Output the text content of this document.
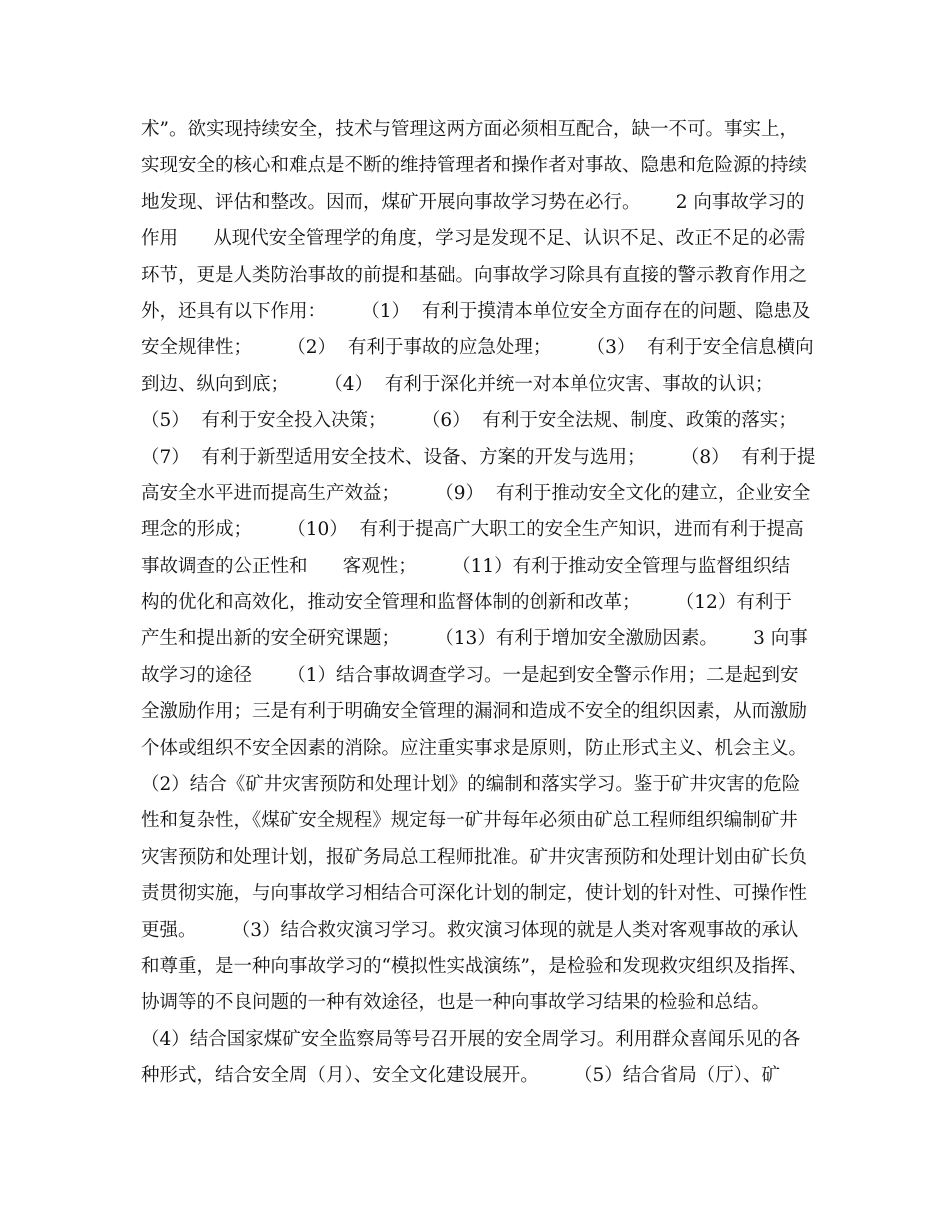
术”。欲实现持续安全，技术与管理这两方面必须相互配合，缺一不可。事实上，
实现安全的核心和难点是不断的维持管理者和操作者对事故、隐患和危险源的持续
地发现、评估和整改。因而，煤矿开展向事故学习势在必行。      2 向事故学习的
作用      从现代安全管理学的角度，学习是发现不足、认识不足、改正不足的必需
环节，更是人类防治事故的前提和基础。向事故学习除具有直接的警示教育作用之
外，还具有以下作用：      （1）  有利于摸清本单位安全方面存在的问题、隐患及
安全规律性；      （2）  有利于事故的应急处理；      （3）  有利于安全信息横向
到边、纵向到底；      （4）  有利于深化并统一对本单位灾害、事故的认识；
（5）  有利于安全投入决策；      （6）  有利于安全法规、制度、政策的落实；
（7）  有利于新型适用安全技术、设备、方案的开发与选用；      （8）  有利于提
高安全水平进而提高生产效益；      （9）  有利于推动安全文化的建立，企业安全
理念的形成；      （10）  有利于提高广大职工的安全生产知识，进而有利于提高
事故调查的公正性和      客观性；      （11）有利于推动安全管理与监督组织结
构的优化和高效化，推动安全管理和监督体制的创新和改革；      （12）有利于
产生和提出新的安全研究课题；      （13）有利于增加安全激励因素。      3 向事
故学习的途径      （1）结合事故调查学习。一是起到安全警示作用；二是起到安
全激励作用；三是有利于明确安全管理的漏洞和造成不安全的组织因素，从而激励
个体或组织不安全因素的消除。应注重实事求是原则，防止形式主义、机会主义。
（2）结合《矿井灾害预防和处理计划》的编制和落实学习。鉴于矿井灾害的危险
性和复杂性，《煤矿安全规程》规定每一矿井每年必须由矿总工程师组织编制矿井
灾害预防和处理计划，报矿务局总工程师批准。矿井灾害预防和处理计划由矿长负
责贯彻实施，与向事故学习相结合可深化计划的制定，使计划的针对性、可操作性
更强。      （3）结合救灾演习学习。救灾演习体现的就是人类对客观事故的承认
和尊重，是一种向事故学习的“模拟性实战演练”，是检验和发现救灾组织及指挥、
协调等的不良问题的一种有效途径，也是一种向事故学习结果的检验和总结。
（4）结合国家煤矿安全监察局等号召开展的安全周学习。利用群众喜闻乐见的各
种形式，结合安全周（月）、安全文化建设展开。      （5）结合省局（厅）、矿
